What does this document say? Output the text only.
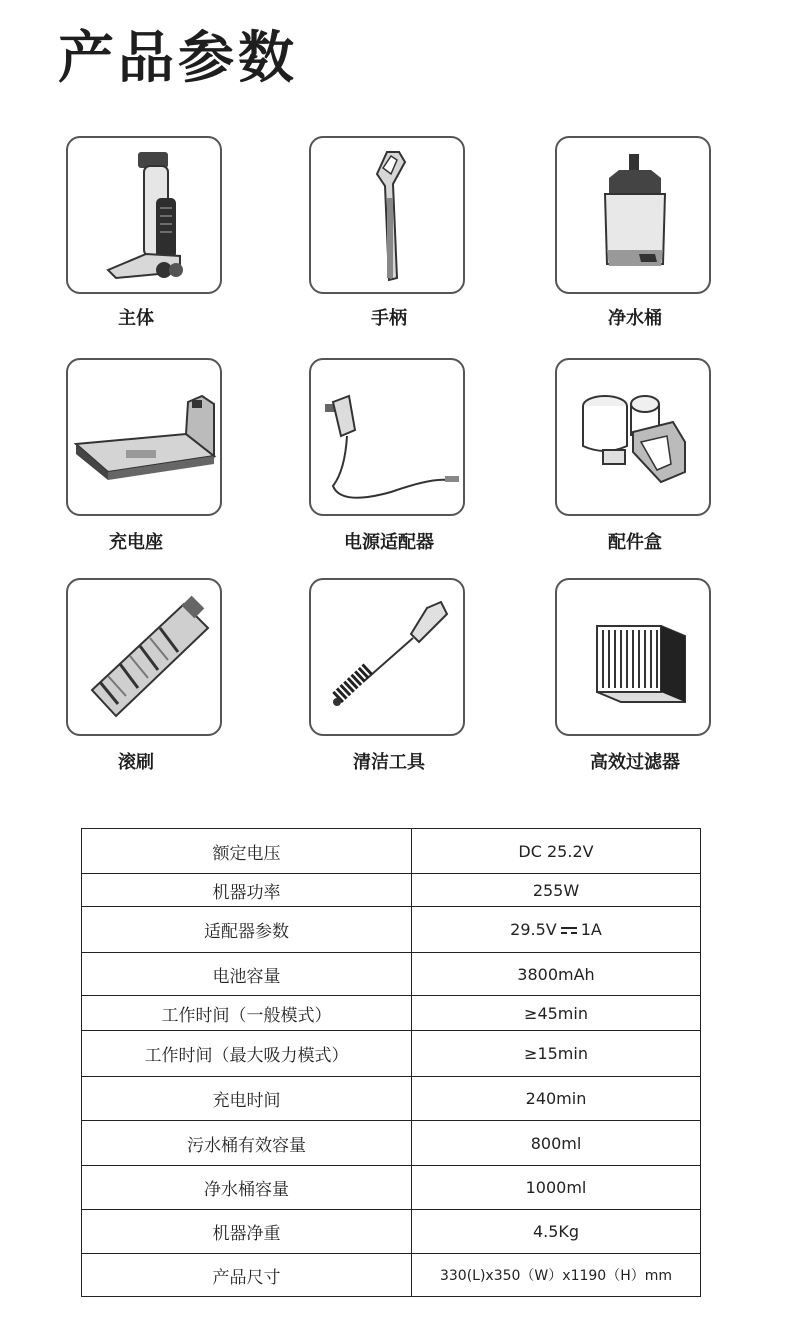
产品参数
主体	手柄	净水桶
充电座	电源适配器	配件盒
滚刷	清洁工具	高效过滤器
额定电压	DC 25.2V
机器功率	255W
适配器参数	29.5V 1A
电池容量	3800mAh
工作时间（一般模式）	≥45min
工作时间（最大吸力模式）	≥15min
充电时间	240min
污水桶有效容量	800ml
净水桶容量	1000ml
机器净重	4.5Kg
产品尺寸	330(L)x350（W）x1190（H）mm
